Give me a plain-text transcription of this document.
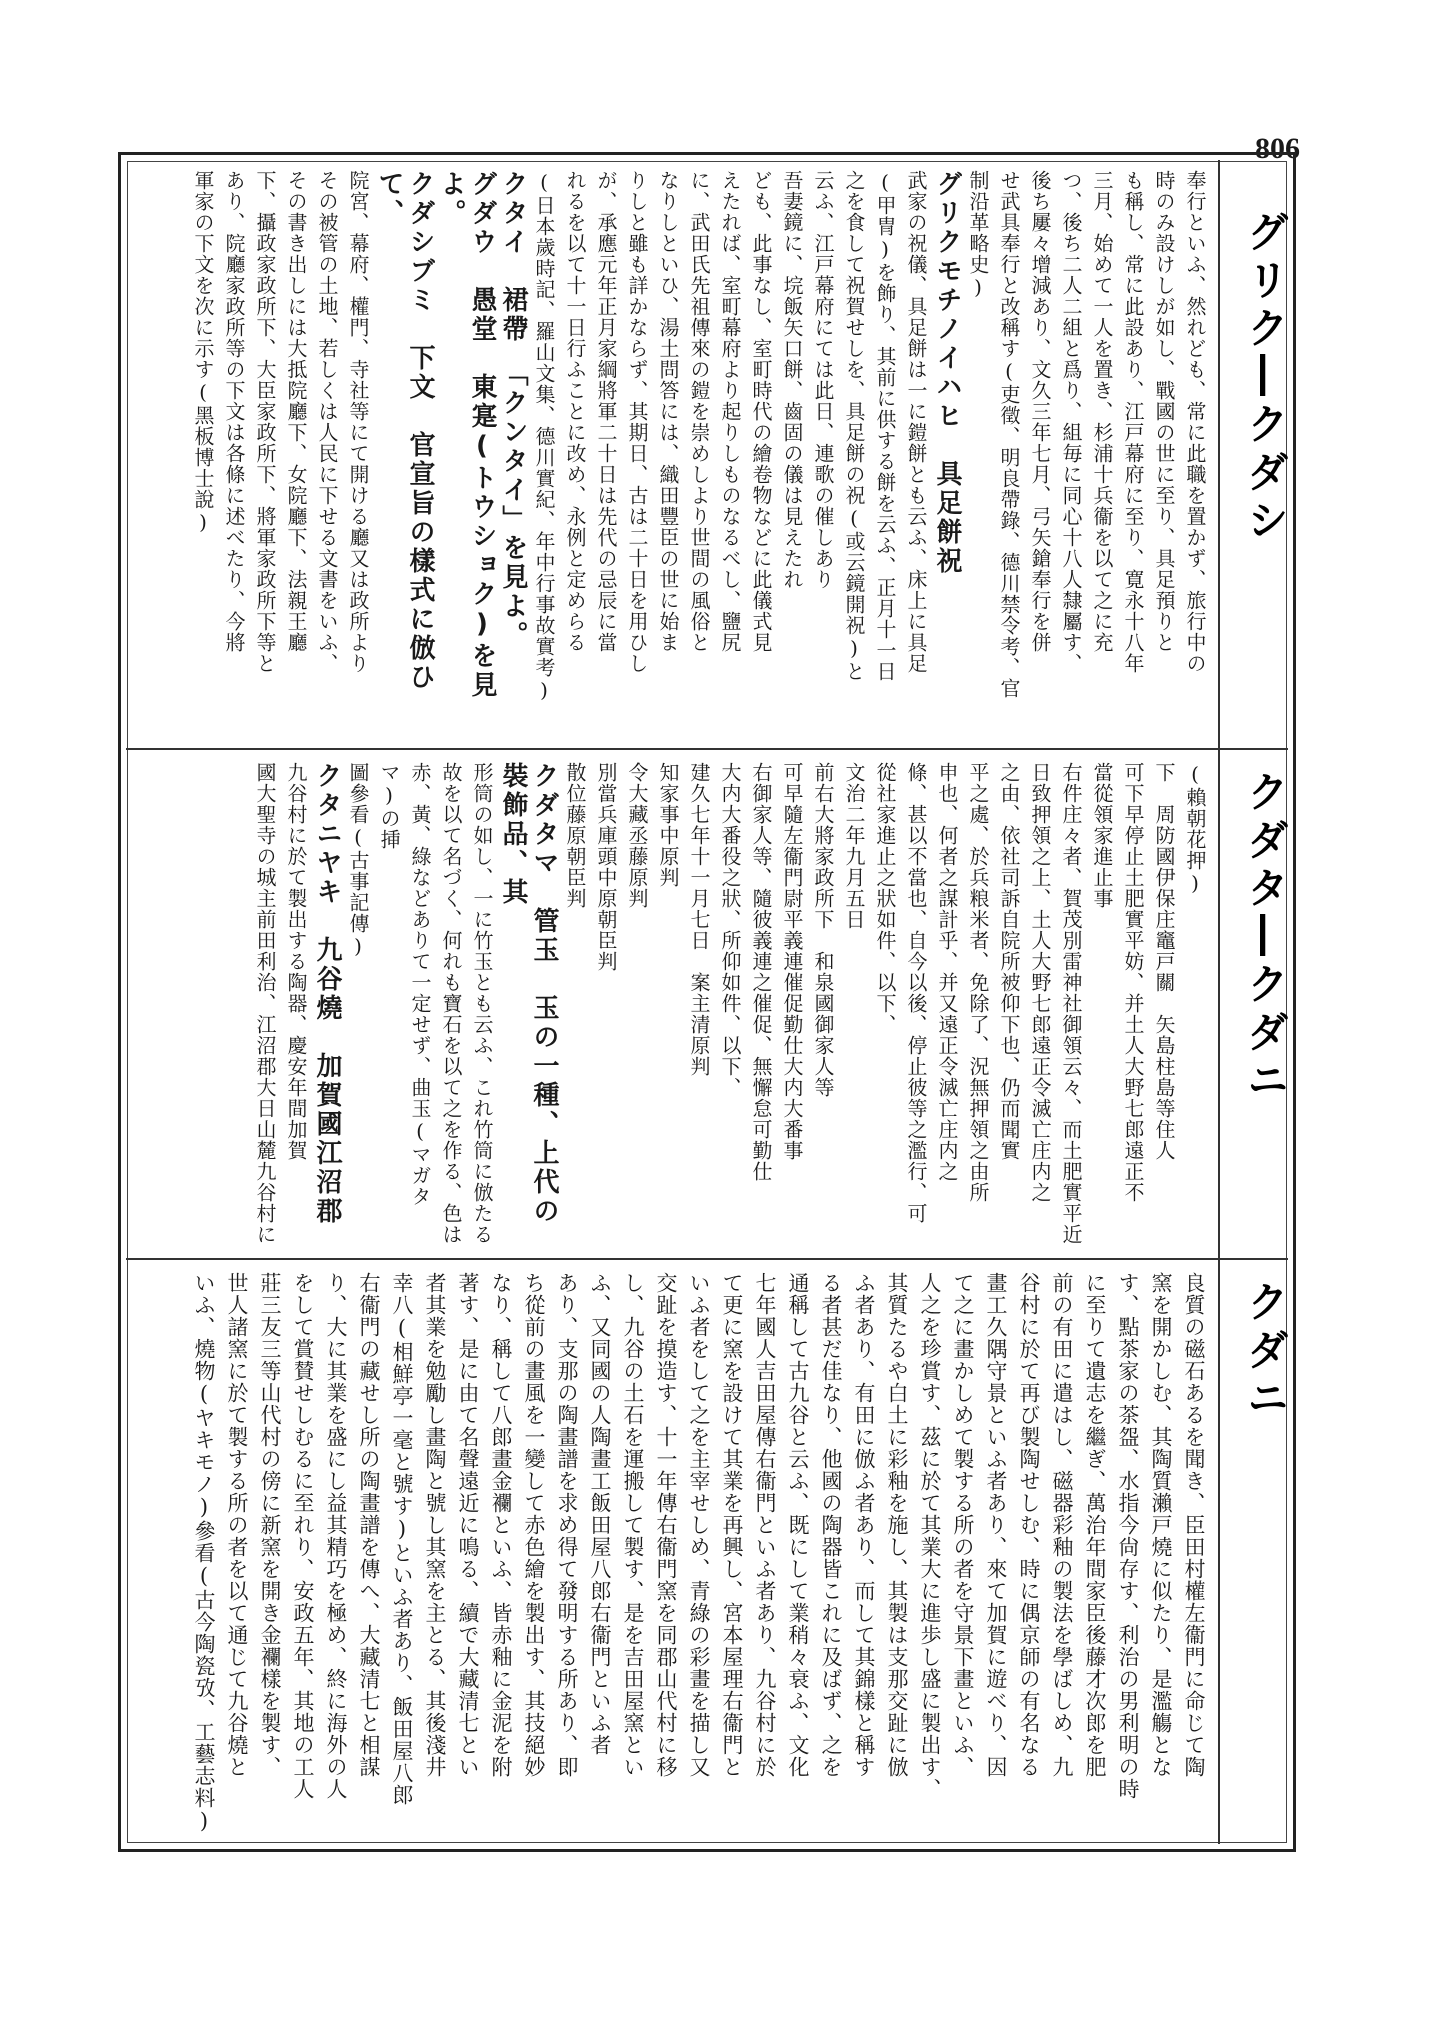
806
グリク―クダシ
クダタ―クダニ
クダニ

奉行といふ、然れども、常に此職を置かず、旅行中の

時のみ設けしが如し、戰國の世に至り、具足預りと

も稱し、常に此設あり、江戸幕府に至り、寛永十八年

三月、始めて一人を置き、杉浦十兵衞を以て之に充

つ、後ち二人二組と爲り、組毎に同心十八人隸屬す、

後ち屢々增減あり、文久三年七月、弓矢鎗奉行を併

せ武具奉行と改稱す(吏徵、明良帶錄、德川禁令考、官

制沿革略史)

グリクモチノイハヒ　具足餅祝

武家の祝儀、具足餅は一に鎧餅とも云ふ、床上に具足

(甲冑)を飾り、其前に供する餅を云ふ、正月十一日

之を食して祝賀せしを、具足餅の祝(或云鏡開祝)と

云ふ、江戸幕府にては此日、連歌の催しあり

吾妻鏡に、垸飯矢口餅、齒固の儀は見えたれ

ども、此事なし、室町時代の繪卷物などに此儀式見

えたれば、室町幕府より起りしものなるべし、鹽尻

に、武田氏先祖傳來の鎧を崇めしより世間の風俗と

なりしといひ、湯土問答には、織田豐臣の世に始ま

りしと雖も詳かならず、其期日、古は二十日を用ひし

が、承應元年正月家綱將軍二十日は先代の忌辰に當

れるを以て十一日行ふことに改め、永例と定めらる

(日本歲時記、羅山文集、德川實紀、年中行事故實考)

クタイ　裙帶　「クンタイ」を見よ。

グダウ　愚堂　東寔(トウショク)を見よ。

クダシブミ　下文　官宣旨の樣式に倣ひて、

院宮、幕府、權門、寺社等にて開ける廳又は政所より

その被管の土地、若しくは人民に下せる文書をいふ、

その書き出しには大抵院廳下、女院廳下、法親王廳

下、攝政家政所下、大臣家政所下、將軍家政所下等と

あり、院廳家政所等の下文は各條に述べたり、今將

軍家の下文を次に示す(黑板博士說)

(賴朝花押)

下　周防國伊保庄竈戸關　矢島柱島等住人

可下早停止土肥實平妨、并土人大野七郎遠正不

當從領家進止事

右件庄々者、賀茂別雷神社御領云々、而土肥實平近

日致押領之上、土人大野七郎遠正令滅亡庄内之

之由、依社司訴自院所被仰下也、仍而聞實

平之處、於兵粮米者、免除了、況無押領之由所

申也、何者之謀計乎、并又遠正令滅亡庄内之

條、甚以不當也、自今以後、停止彼等之濫行、可

從社家進止之狀如件、以下、

文治二年九月五日

前右大將家政所下　和泉國御家人等

可早隨左衞門尉平義連催促勤仕大内大番事

右御家人等、隨彼義連之催促、無懈怠可勤仕

大内大番役之狀、所仰如件、以下、

建久七年十一月七日　案主清原判

知家事中原判

令大藏丞藤原判

別當兵庫頭中原朝臣判

散位藤原朝臣判

クダタマ　管玉　玉の一種、上代の裝飾品、其

形筒の如し、一に竹玉とも云ふ、これ竹筒に倣たる

故を以て名づく、何れも寶石を以て之を作る、色は

赤、黃、綠などありて一定せず、曲玉(マガタマ)の挿

圖參看(古事記傳)

クタニヤキ　九谷燒　加賀國江沼郡

九谷村に於て製出する陶器、慶安年間加賀

國大聖寺の城主前田利治、江沼郡大日山麓九谷村に

良質の磁石あるを聞き、臣田村權左衞門に命じて陶

窯を開かしむ、其陶質瀨戸燒に似たり、是濫觴とな

す、點茶家の茶盌、水指今尙存す、利治の男利明の時

に至りて遺志を繼ぎ、萬治年間家臣後藤才次郎を肥

前の有田に遣はし、磁器彩釉の製法を學ばしめ、九

谷村に於て再び製陶せしむ、時に偶京師の有名なる

畫工久隅守景といふ者あり、來て加賀に遊べり、因

て之に畫かしめて製する所の者を守景下畫といふ、

人之を珍賞す、茲に於て其業大に進歩し盛に製出す、

其質たるや白土に彩釉を施し、其製は支那交趾に倣

ふ者あり、有田に倣ふ者あり、而して其錦樣と稱す

る者甚だ佳なり、他國の陶器皆これに及ばず、之を

通稱して古九谷と云ふ、既にして業稍々衰ふ、文化

七年國人吉田屋傳右衞門といふ者あり、九谷村に於

て更に窯を設けて其業を再興し、宮本屋理右衞門と

いふ者をして之を主宰せしめ、青綠の彩畫を描し又

交趾を摸造す、十一年傳右衞門窯を同郡山代村に移

し、九谷の土石を運搬して製す、是を吉田屋窯とい

ふ、又同國の人陶畫工飯田屋八郎右衞門といふ者

あり、支那の陶畫譜を求め得て發明する所あり、即

ち從前の畫風を一變して赤色繪を製出す、其技絕妙

なり、稱して八郎畫金襴といふ、皆赤釉に金泥を附

著す、是に由て名聲遠近に鳴る、續で大藏清七とい

者其業を勉勵し畫陶と號し其窯を主とる、其後淺井

幸八(相鮮亭一毫と號す)といふ者あり、飯田屋八郎

右衞門の藏せし所の陶畫譜を傳へ、大藏清七と相謀

り、大に其業を盛にし益其精巧を極め、終に海外の人

をして賞賛せしむるに至れり、安政五年、其地の工人

莊三友三等山代村の傍に新窯を開き金襴樣を製す、

世人諸窯に於て製する所の者を以て通じて九谷燒と

いふ、燒物(ヤキモノ)參看(古今陶瓷攷、工藝志料)
